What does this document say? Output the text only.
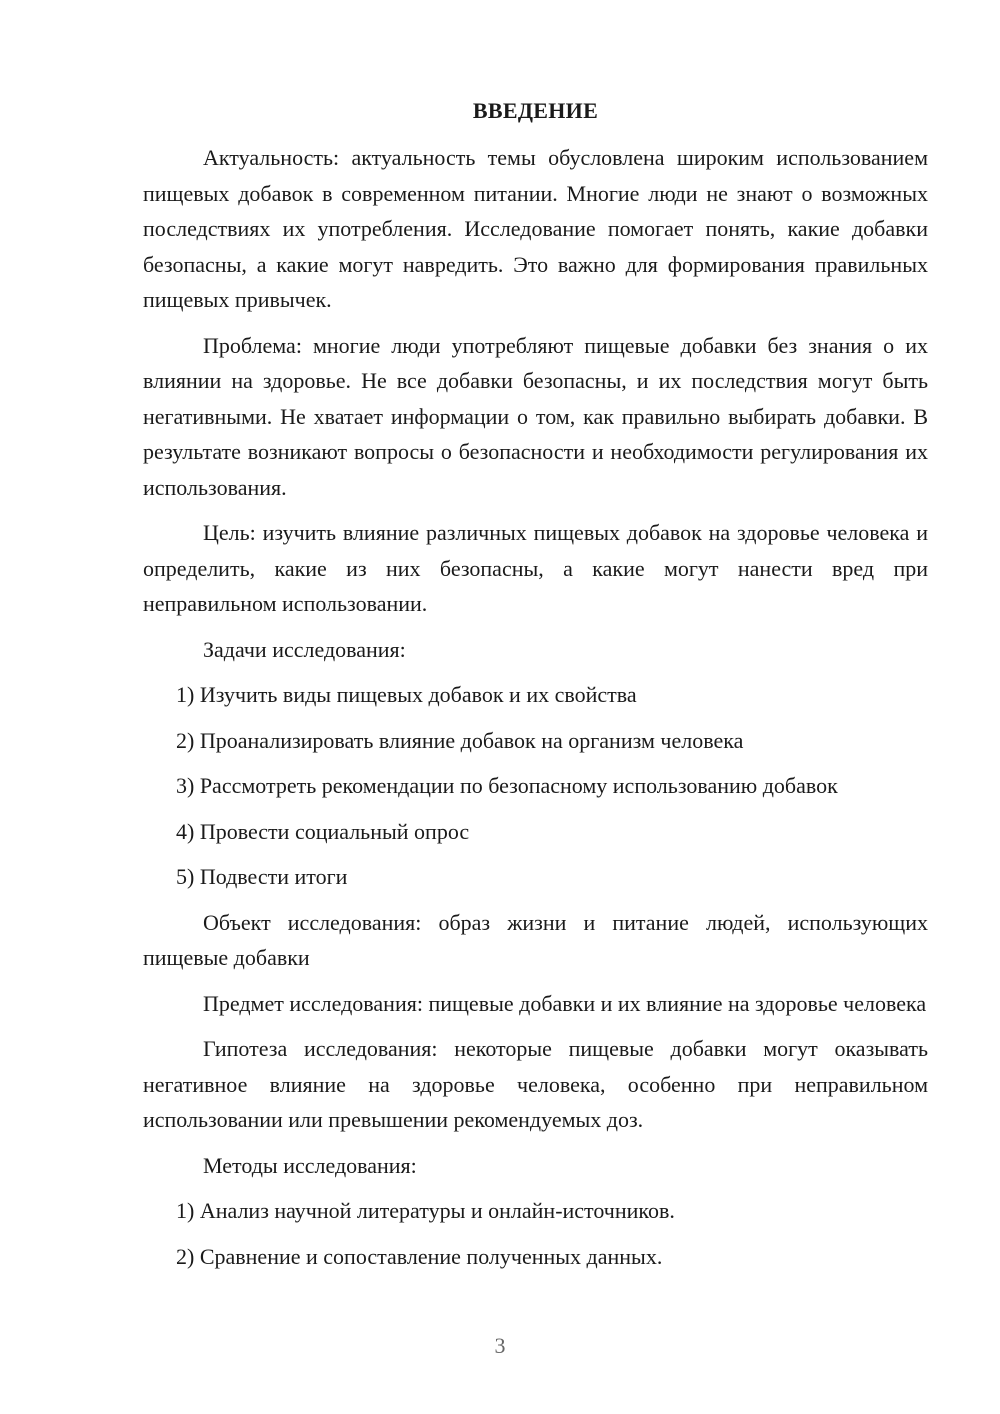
ВВЕДЕНИЕ

Актуальность: актуальность темы обусловлена широким использованием пищевых добавок в современном питании. Многие люди не знают о возможных последствиях их употребления. Исследование помогает понять, какие добавки безопасны, а какие могут навредить. Это важно для формирования правильных пищевых привычек.

Проблема: многие люди употребляют пищевые добавки без знания о их влиянии на здоровье. Не все добавки безопасны, и их последствия могут быть негативными. Не хватает информации о том, как правильно выбирать добавки. В результате возникают вопросы о безопасности и необходимости регулирования их использования.

Цель: изучить влияние различных пищевых добавок на здоровье человека и определить, какие из них безопасны, а какие могут нанести вред при неправильном использовании.

Задачи исследования:

1) Изучить виды пищевых добавок и их свойства

2) Проанализировать влияние добавок на организм человека

3) Рассмотреть рекомендации по безопасному использованию добавок

4) Провести социальный опрос

5) Подвести итоги

Объект исследования: образ жизни и питание людей, использующих пищевые добавки

Предмет исследования: пищевые добавки и их влияние на здоровье человека

Гипотеза исследования: некоторые пищевые добавки могут оказывать негативное влияние на здоровье человека, особенно при неправильном использовании или превышении рекомендуемых доз.

Методы исследования:

1) Анализ научной литературы и онлайн-источников.

2) Сравнение и сопоставление полученных данных.

3
